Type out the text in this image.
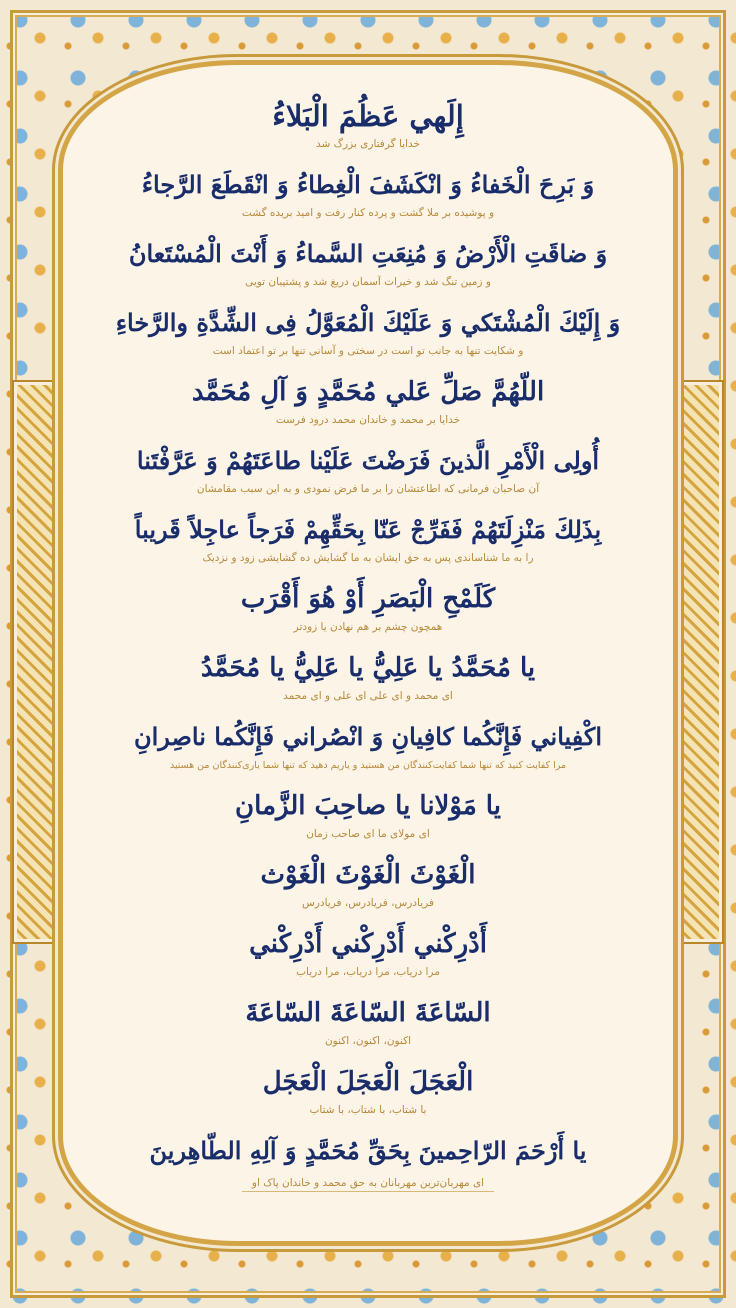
إِلَهي عَظُمَ الْبَلاءُ
خدایا گرفتاری بزرگ شد
وَ بَرِحَ الْخَفاءُ وَ انْكَشَفَ الْغِطاءُ وَ انْقَطَعَ الرَّجاءُ
و پوشیده بر ملا گشت و پرده کنار رفت و امید بریده گشت
وَ ضاقَتِ الْأَرْضُ وَ مُنِعَتِ السَّماءُ وَ أَنْتَ الْمُسْتَعانُ
و زمین تنگ شد و خیرات آسمان دریغ شد و پشتیبان تویی
وَ إِلَيْكَ الْمُشْتَكي وَ عَلَيْكَ الْمُعَوَّلُ فِى الشِّدَّةِ والرَّخاءِ
و شکایت تنها به جانب تو است در سختی و آسانی تنها بر تو اعتماد است
اللّهُمَّ صَلِّ عَلي مُحَمَّدٍ وَ آلِ مُحَمَّد
خدایا بر محمد و خاندان محمد درود فرست
أُولِى الْأَمْرِ الَّذينَ فَرَضْتَ عَلَيْنا طاعَتَهُمْ وَ عَرَّفْتَنا
آن صاحبان فرمانی که اطاعتشان را بر ما فرض نمودی و به این سبب مقامشان
بِذَلِكَ مَنْزِلَتَهُمْ فَفَرِّجْ عَنّا بِحَقِّهِمْ فَرَجاً عاجِلاً قَريباً
را به ما شناساندی پس به حق ایشان به ما گشایش ده گشایشی زود و نزدیک
كَلَمْحِ الْبَصَرِ أَوْ هُوَ أَقْرَب
همچون چشم بر هم نهادن یا زودتر
يا مُحَمَّدُ يا عَلِيُّ يا عَلِيُّ يا مُحَمَّدُ
ای محمد و ای علی ای علی و ای محمد
اكْفِياني فَإِنَّكُما كافِيانِ وَ انْصُراني فَإِنَّكُما ناصِرانِ
مرا کفایت کنید که تنها شما کفایت‌کنندگان من هستید و یاریم دهید که تنها شما یاری‌کنندگان من هستید
يا مَوْلانا يا صاحِبَ الزَّمانِ
ای مولای ما ای صاحب زمان
الْغَوْثَ الْغَوْثَ الْغَوْث
فریادرس، فریادرس، فریادرس
أَدْرِكْني أَدْرِكْني أَدْرِكْني
مرا دریاب، مرا دریاب، مرا دریاب
السّاعَةَ السّاعَةَ السّاعَةَ
اکنون، اکنون، اکنون
الْعَجَلَ الْعَجَلَ الْعَجَل
با شتاب، با شتاب، با شتاب
يا أَرْحَمَ الرّاحِمينَ بِحَقِّ مُحَمَّدٍ وَ آلِهِ الطّاهِرينَ
ای مهربان‌ترین مهربانان به حق محمد و خاندان پاک او
